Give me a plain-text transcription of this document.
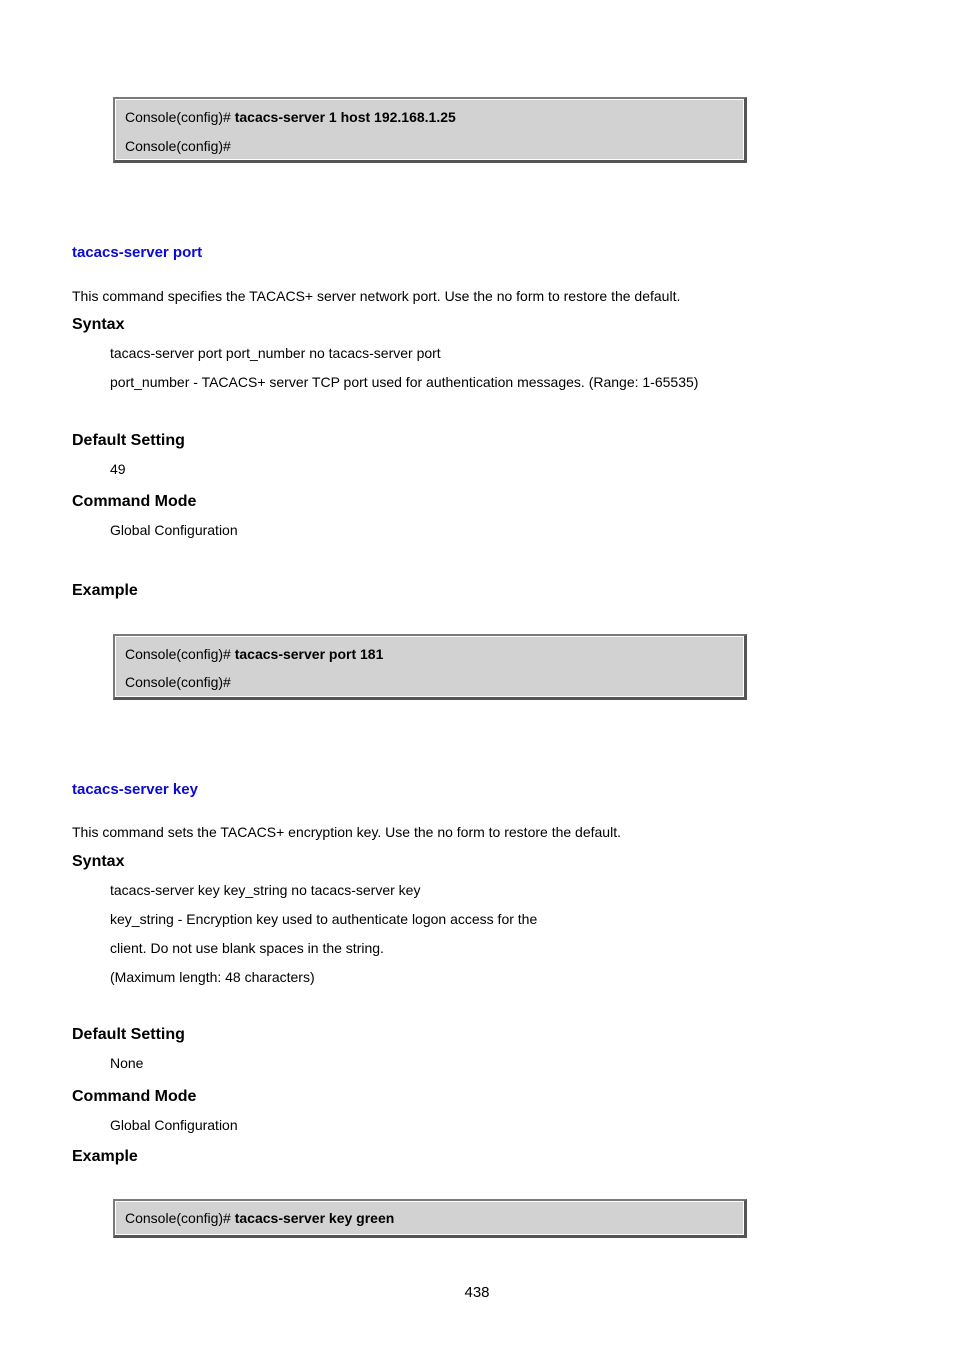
Console(config)# tacacs-server 1 host 192.168.1.25
Console(config)#
tacacs-server port
This command specifies the TACACS+ server network port. Use the no form to restore the default.
Syntax
tacacs-server port port_number no tacacs-server port
port_number - TACACS+ server TCP port used for authentication messages. (Range: 1-65535)
Default Setting
49
Command Mode
Global Configuration
Example
Console(config)# tacacs-server port 181
Console(config)#
tacacs-server key
This command sets the TACACS+ encryption key. Use the no form to restore the default.
Syntax
tacacs-server key key_string no tacacs-server key
key_string - Encryption key used to authenticate logon access for the
client. Do not use blank spaces in the string.
(Maximum length: 48 characters)
Default Setting
None
Command Mode
Global Configuration
Example
Console(config)# tacacs-server key green
438
